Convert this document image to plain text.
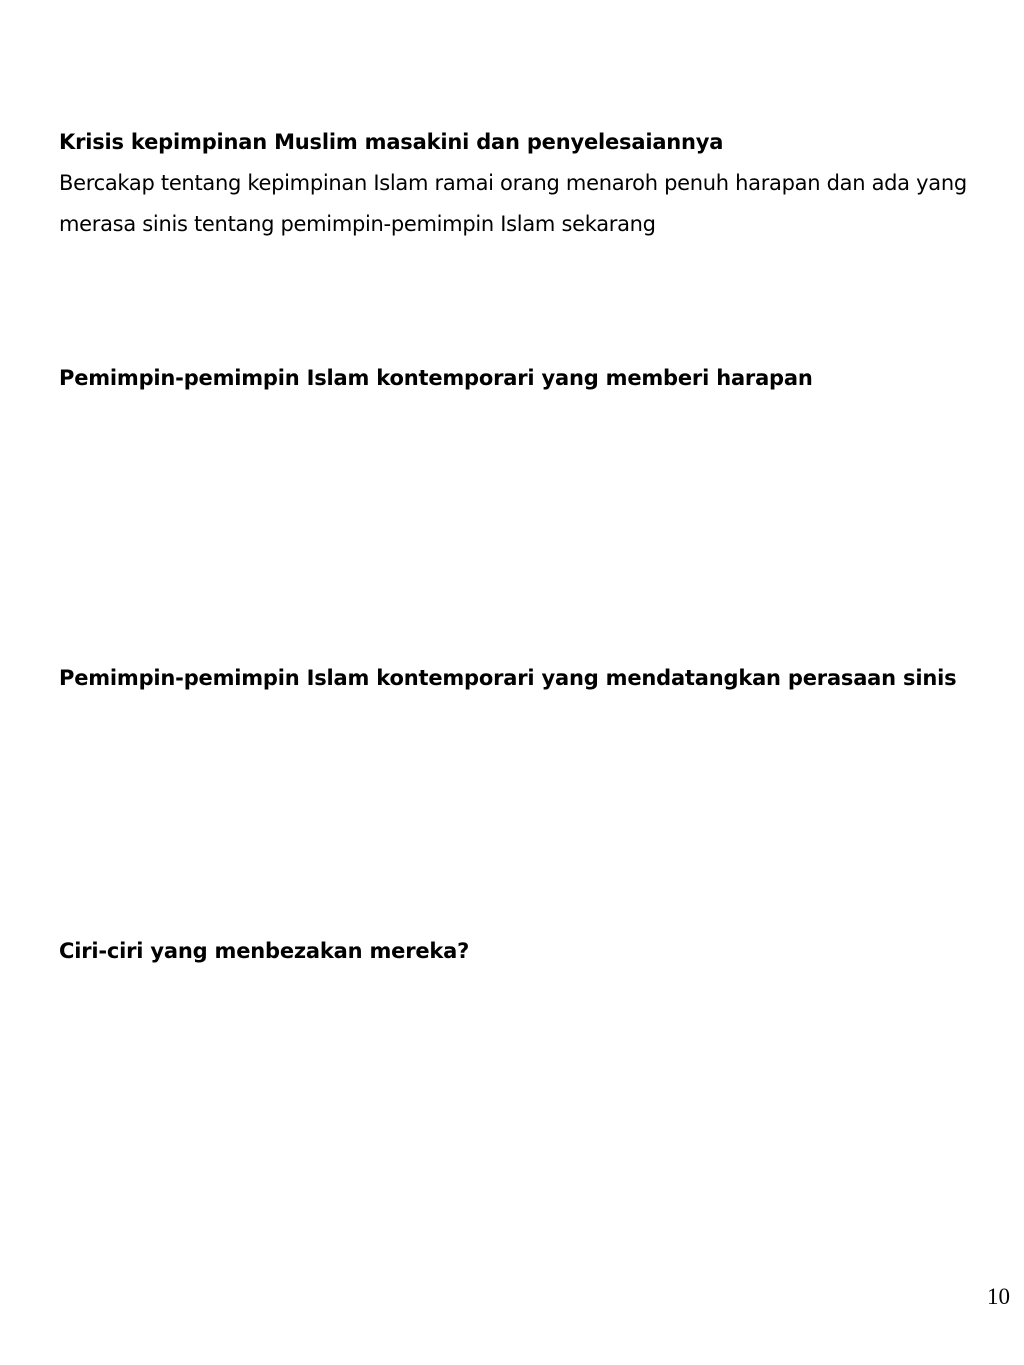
Krisis kepimpinan Muslim masakini dan penyelesaiannya

Bercakap tentang kepimpinan Islam ramai orang menaroh penuh harapan dan ada yang merasa sinis tentang pemimpin-pemimpin Islam sekarang

Pemimpin-pemimpin Islam kontemporari yang memberi harapan
Pemimpin-pemimpin Islam kontemporari yang mendatangkan perasaan sinis
Ciri-ciri yang menbezakan mereka?
10
